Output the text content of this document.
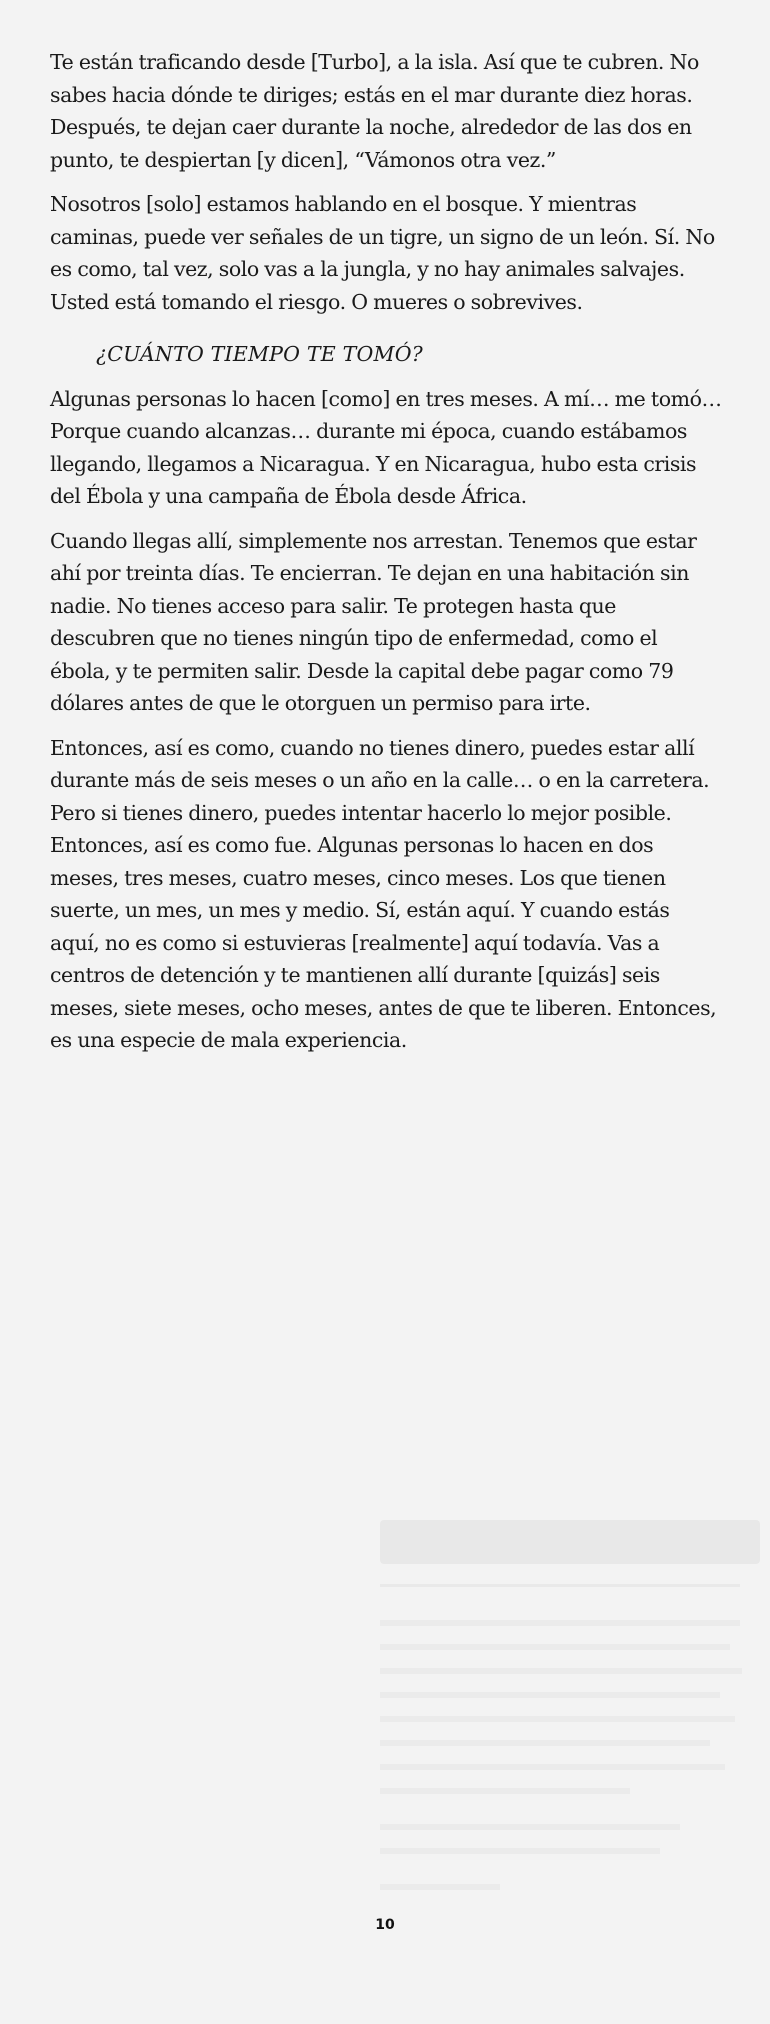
Te están traficando desde [Turbo], a la isla. Así que te cubren. No sabes hacia dónde te diriges; estás en el mar durante diez horas. Después, te dejan caer durante la noche, alrededor de las dos en punto, te despiertan [y dicen], “Vámonos otra vez.”

Nosotros [solo] estamos hablando en el bosque. Y mientras caminas, puede ver señales de un tigre, un signo de un león. Sí. No es como, tal vez, solo vas a la jungla, y no hay animales salvajes. Usted está tomando el riesgo. O mueres o sobrevives.

¿CUÁNTO TIEMPO TE TOMÓ?

Algunas personas lo hacen [como] en tres meses. A mí… me tomó… Porque cuando alcanzas… durante mi época, cuando estábamos llegando, llegamos a Nicaragua. Y en Nicaragua, hubo esta crisis del Ébola y una campaña de Ébola desde África.

Cuando llegas allí, simplemente nos arrestan. Tenemos que estar ahí por treinta días. Te encierran. Te dejan en una habitación sin nadie. No tienes acceso para salir. Te protegen hasta que descubren que no tienes ningún tipo de enfermedad, como el ébola, y te permiten salir. Desde la capital debe pagar como 79 dólares antes de que le otorguen un permiso para irte.

Entonces, así es como, cuando no tienes dinero, puedes estar allí durante más de seis meses o un año en la calle… o en la carretera. Pero si tienes dinero, puedes intentar hacerlo lo mejor posible. Entonces, así es como fue. Algunas personas lo hacen en dos meses, tres meses, cuatro meses, cinco meses. Los que tienen suerte, un mes, un mes y medio. Sí, están aquí. Y cuando estás aquí, no es como si estuvieras [realmente] aquí todavía. Vas a centros de detención y te mantienen allí durante [quizás] seis meses, siete meses, ocho meses, antes de que te liberen. Entonces, es una especie de mala experiencia.

10
